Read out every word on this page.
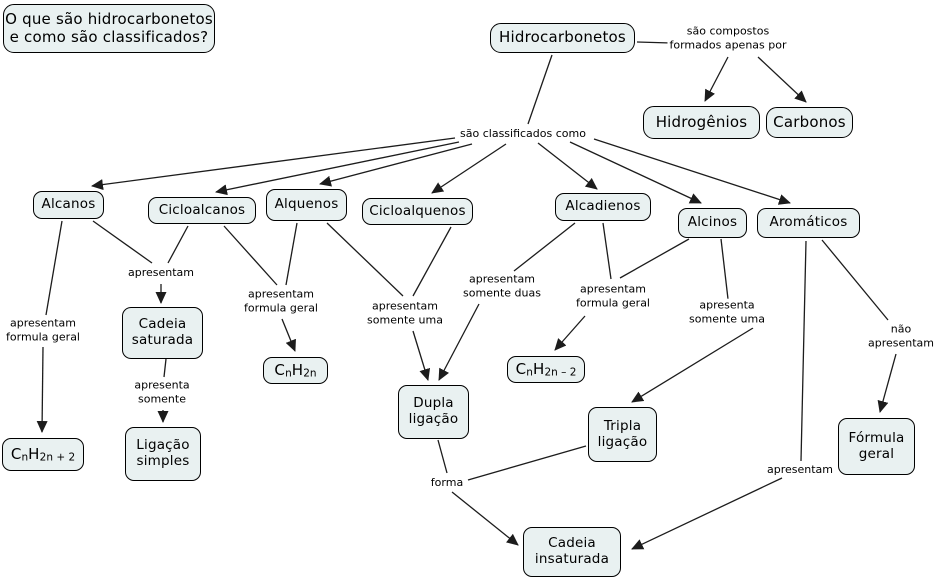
são compostos
formados apenas por
são classificados como
apresentam
apresentam
formula geral
apresentam
formula geral	apresentam
somente uma
apresentam
somente duas	apresentam
formula geral	apresenta
somente uma
não
apresentam
apresenta
somente
forma
apresentam
O que são hidrocarbonetos
e como são classificados?	Hidrocarbonetos
Hidrogênios Carbonos
Alcanos	Cicloalcanos Alquenos Cicloalquenos	Alcadienos
Alcinos Aromáticos
Cadeia
saturada
CnH2n
CnH2n + 2
Ligação
simples
Dupla
ligação
CnH2n – 2
Tripla
ligação	Fórmula
geral
Cadeia
insaturada
